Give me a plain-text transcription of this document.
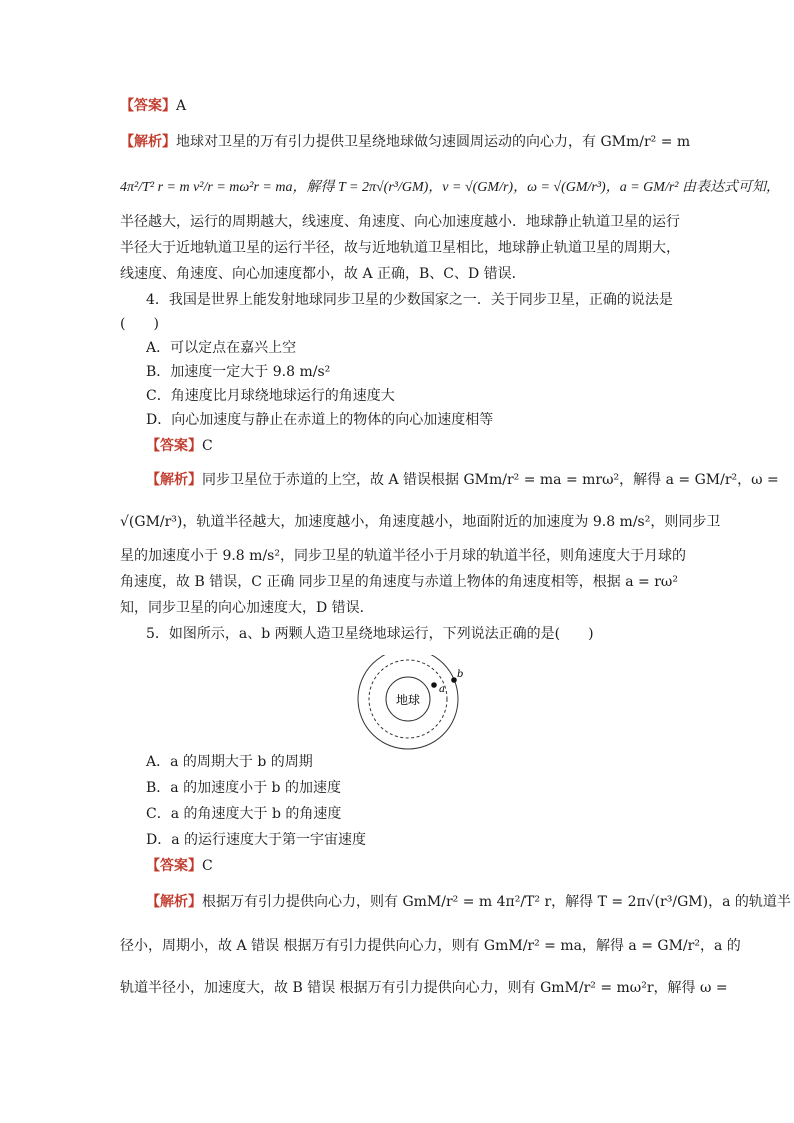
【答案】A
【解析】地球对卫星的万有引力提供卫星绕地球做匀速圆周运动的向心力，有 GMm/r² = m
4π²/T² r = m v²/r = mω²r = ma，解得 T = 2π√(r³/GM)，v = √(GM/r)，ω = √(GM/r³)，a = GM/r² 由表达式可知，
半径越大，运行的周期越大，线速度、角速度、向心加速度越小．地球静止轨道卫星的运行
半径大于近地轨道卫星的运行半径，故与近地轨道卫星相比，地球静止轨道卫星的周期大，
线速度、角速度、向心加速度都小，故 A 正确，B、C、D 错误．
4．我国是世界上能发射地球同步卫星的少数国家之一．关于同步卫星，正确的说法是
(　　)
A．可以定点在嘉兴上空
B．加速度一定大于 9.8 m/s²
C．角速度比月球绕地球运行的角速度大
D．向心加速度与静止在赤道上的物体的向心加速度相等
【答案】C
【解析】同步卫星位于赤道的上空，故 A 错误根据 GMm/r² = ma = mrω²，解得 a = GM/r²，ω =
√(GM/r³)，轨道半径越大，加速度越小，角速度越小，地面附近的加速度为 9.8 m/s²，则同步卫
星的加速度小于 9.8 m/s²，同步卫星的轨道半径小于月球的轨道半径，则角速度大于月球的
角速度，故 B 错误，C 正确 同步卫星的角速度与赤道上物体的角速度相等，根据 a = rω²
知，同步卫星的向心加速度大，D 错误．
5．如图所示，a、b 两颗人造卫星绕地球运行，下列说法正确的是(　　)
地球
a
b
A．a 的周期大于 b 的周期
B．a 的加速度小于 b 的加速度
C．a 的角速度大于 b 的角速度
D．a 的运行速度大于第一宇宙速度
【答案】C
【解析】根据万有引力提供向心力，则有 GmM/r² = m 4π²/T² r，解得 T = 2π√(r³/GM)，a 的轨道半
径小，周期小，故 A 错误 根据万有引力提供向心力，则有 GmM/r² = ma，解得 a = GM/r²，a 的
轨道半径小，加速度大，故 B 错误 根据万有引力提供向心力，则有 GmM/r² = mω²r，解得 ω =
